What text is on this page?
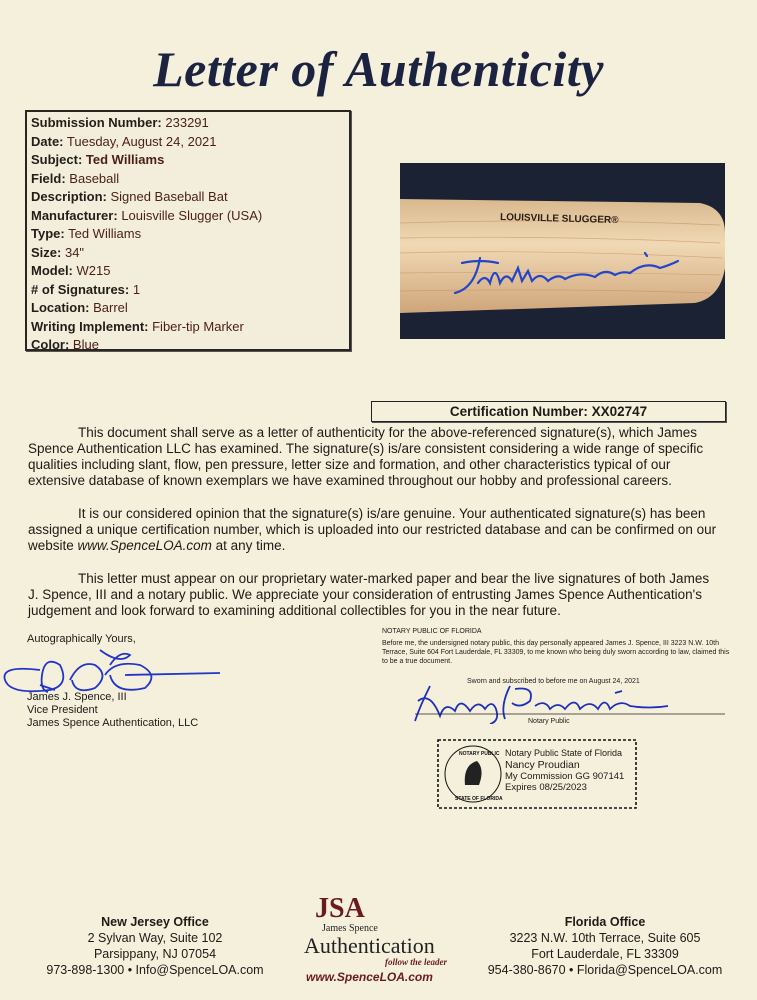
Letter of Authenticity
Submission Number: 233291
Date: Tuesday, August 24, 2021
Subject: Ted Williams
Field: Baseball
Description: Signed Baseball Bat
Manufacturer: Louisville Slugger (USA)
Type: Ted Williams
Size: 34"
Model: W215
# of Signatures: 1
Location: Barrel
Writing Implement: Fiber-tip Marker
Color: Blue
LOUISVILLE SLUGGER®
Certification Number: XX02747
This document shall serve as a letter of authenticity for the above-referenced signature(s), which James Spence Authentication LLC has examined. The signature(s) is/are consistent considering a wide range of specific qualities including slant, flow, pen pressure, letter size and formation, and other characteristics typical of our extensive database of known exemplars we have examined throughout our hobby and professional careers.
It is our considered opinion that the signature(s) is/are genuine. Your authenticated signature(s) has been assigned a unique certification number, which is uploaded into our restricted database and can be confirmed on our website www.SpenceLOA.com at any time.
This letter must appear on our proprietary water-marked paper and bear the live signatures of both James J. Spence, III and a notary public. We appreciate your consideration of entrusting James Spence Authentication's judgement and look forward to examining additional collectibles for you in the near future.
Autographically Yours,
James J. Spence, III
Vice President
James Spence Authentication, LLC
NOTARY PUBLIC OF FLORIDA
Before me, the undersigned notary public, this day personally appeared James J. Spence, III 3223 N.W. 10th Terrace, Suite 604 Fort Lauderdale, FL 33309, to me known who being duly sworn according to law, claimed this to be a true document.
Sworn and subscribed to before me on August 24, 2021
Notary Public
NOTARY PUBLIC
STATE OF FLORIDA
Notary Public State of Florida
Nancy Proudian
My Commission GG 907141
Expires 08/25/2023
New Jersey Office
2 Sylvan Way, Suite 102
Parsippany, NJ 07054
973-898-1300 • Info@SpenceLOA.com
JSA
James Spence
Authentication
follow the leader
www.SpenceLOA.com
Florida Office
3223 N.W. 10th Terrace, Suite 605
Fort Lauderdale, FL 33309
954-380-8670 • Florida@SpenceLOA.com
